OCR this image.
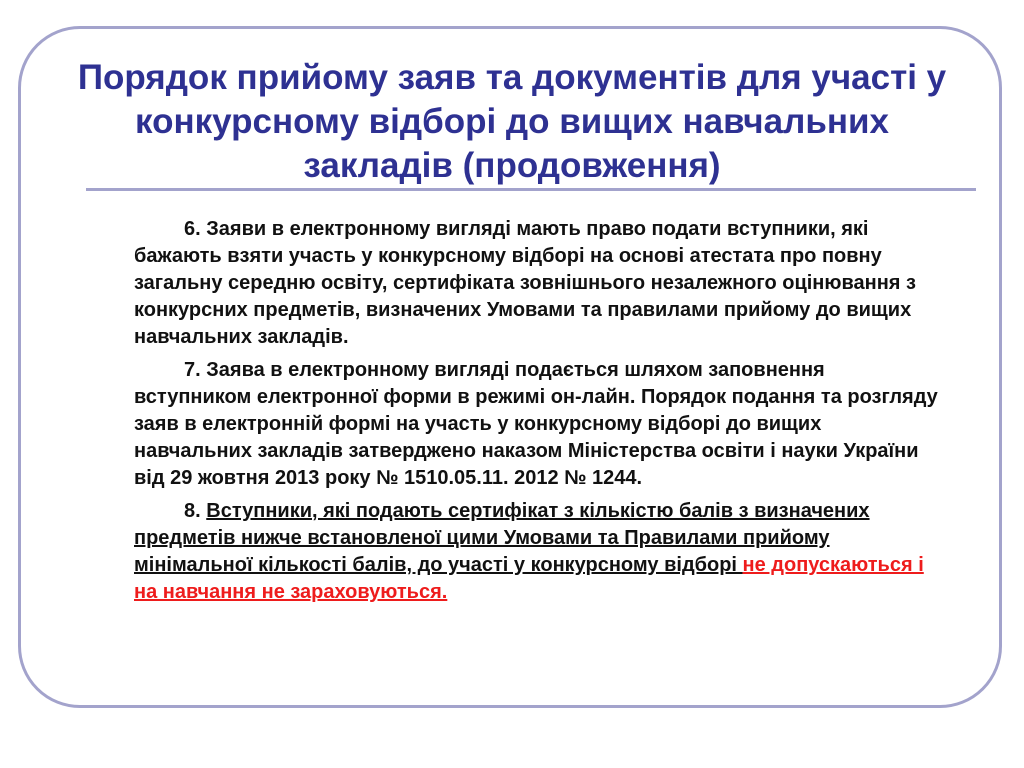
Порядок прийому заяв та документів для участі у конкурсному відборі до вищих навчальних закладів (продовження)

6. Заяви в електронному вигляді мають право подати вступники, які бажають взяти участь у конкурсному відборі на основі атестата про повну загальну середню освіту, сертифіката зовнішнього незалежного оцінювання з конкурсних предметів, визначених Умовами та правилами прийому до вищих навчальних закладів.

7. Заява в електронному вигляді подається шляхом заповнення вступником електронної форми в режимі он-лайн. Порядок подання та розгляду заяв в електронній формі на участь у конкурсному відборі до вищих навчальних закладів затверджено наказом Міністерства освіти і науки України від 29 жовтня 2013 року № 1510.05.11. 2012 № 1244.

8. Вступники, які подають сертифікат з кількістю балів з визначених предметів нижче встановленої цими Умовами та Правилами прийому мінімальної кількості балів, до участі у конкурсному відборі не допускаються і на навчання не зараховуються.
